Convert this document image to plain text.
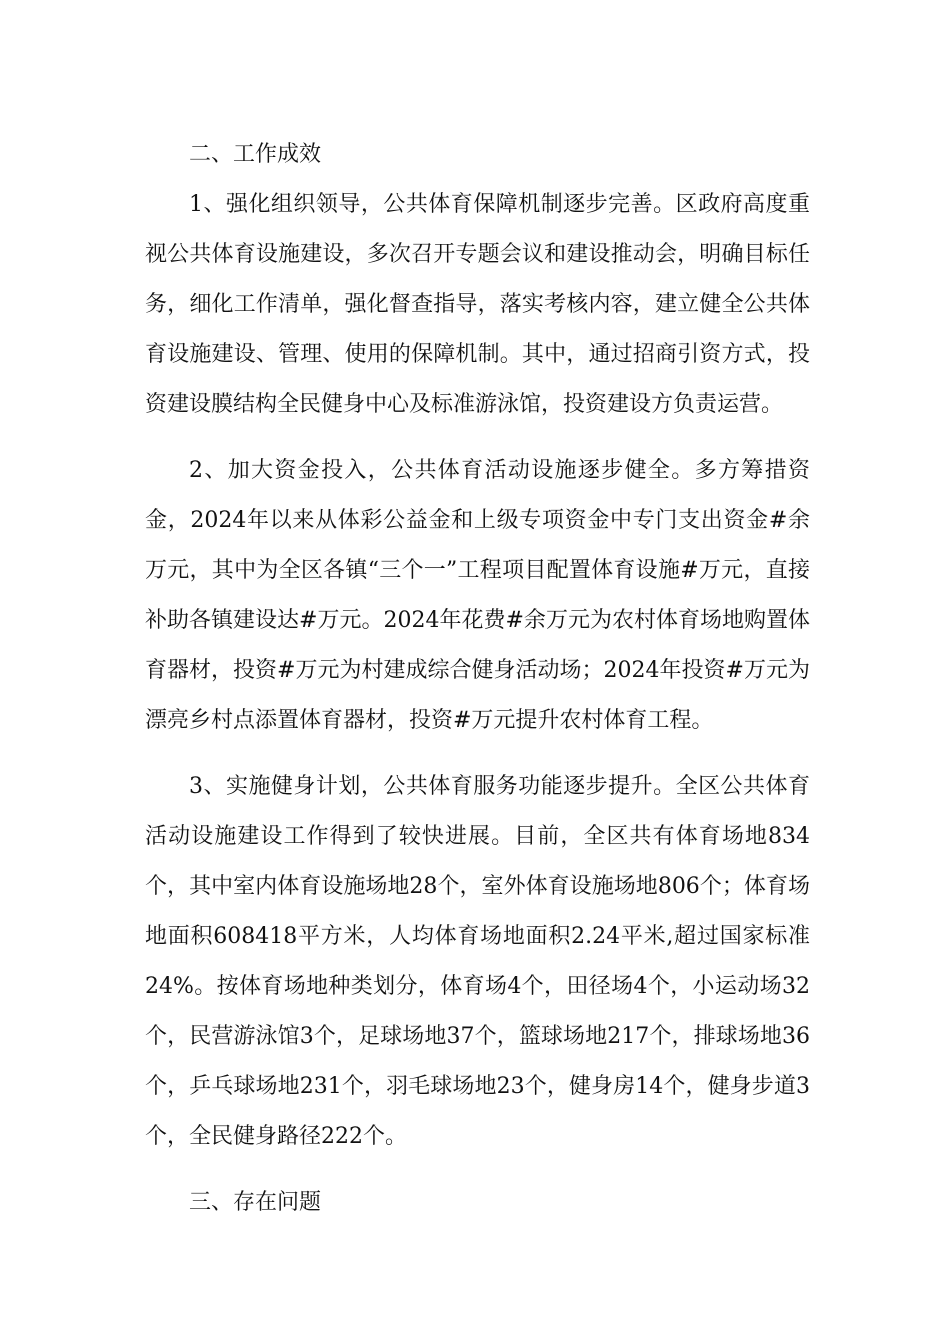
二、工作成效

1、强化组织领导，公共体育保障机制逐步完善。区政府高度重视公共体育设施建设，多次召开专题会议和建设推动会，明确目标任务，细化工作清单，强化督查指导，落实考核内容，建立健全公共体育设施建设、管理、使用的保障机制。其中，通过招商引资方式，投资建设膜结构全民健身中心及标准游泳馆，投资建设方负责运营。

2、加大资金投入，公共体育活动设施逐步健全。多方筹措资金，2024年以来从体彩公益金和上级专项资金中专门支出资金#余万元，其中为全区各镇“三个一”工程项目配置体育设施#万元，直接补助各镇建设达#万元。2024年花费#余万元为农村体育场地购置体育器材，投资#万元为村建成综合健身活动场；2024年投资#万元为漂亮乡村点添置体育器材，投资#万元提升农村体育工程。

3、实施健身计划，公共体育服务功能逐步提升。全区公共体育活动设施建设工作得到了较快进展。目前，全区共有体育场地834个，其中室内体育设施场地28个，室外体育设施场地806个；体育场地面积608418平方米，人均体育场地面积2.24平米,超过国家标准24%。按体育场地种类划分，体育场4个，田径场4个，小运动场32个，民营游泳馆3个，足球场地37个，篮球场地217个，排球场地36个，乒乓球场地231个，羽毛球场地23个，健身房14个，健身步道3个，全民健身路径222个。

三、存在问题
